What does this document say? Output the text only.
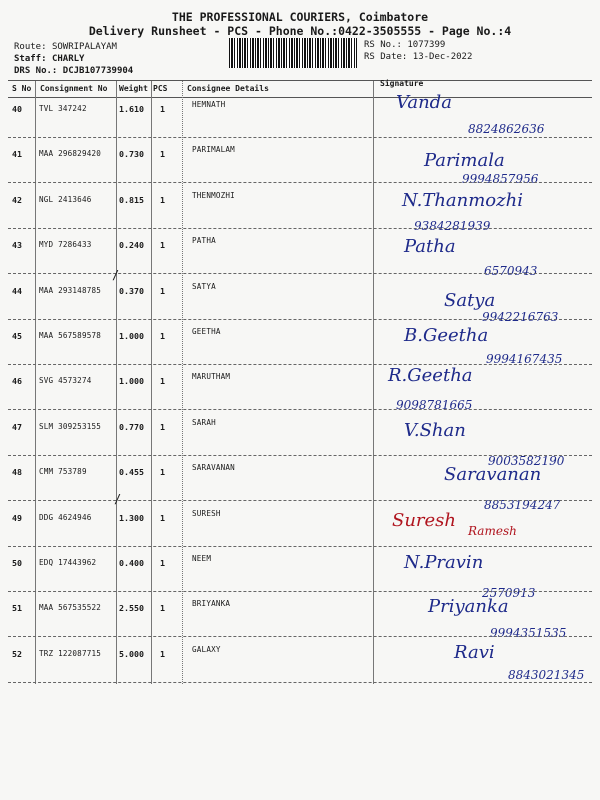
THE PROFESSIONAL COURIERS, Coimbatore
Delivery Runsheet - PCS - Phone No.:0422-3505555 - Page No.:4
Route: SOWRIPALAYAM
Staff: CHARLY
DRS No.: DCJB107739904
RS No.: 1077399
RS Date: 13-Dec-2022
S No Consignment No Weight PCS Consignee Details
Signature
40 TVL 347242	1.610 1	HEMNATH	Vanda
8824862636
41 MAA 296829420 0.730 1	PARIMALAM
Parimala
9994857956
42 NGL 2413646	0.815 1	THENMOZHI	N.Thanmozhi
9384281939
43 MYD 7286433	0.240 1	PATHA	Patha
6570943
44 MAA 293148785 0.370 1	SATYA
Satya
9942216763
45 MAA 567589578 1.000 1	GEETHA	B.Geetha
9994167435
46 SVG 4573274	1.000 1	MARUTHAM	R.Geetha
9098781665
47 SLM 309253155 0.770 1	SARAH	V.Shan
9003582190
48 CMM 753789	0.455 1	SARAVANAN	Saravanan
8853194247
49 DDG 4624946	1.300 1	SURESH	Suresh Ramesh
50 EDQ 17443962	0.400 1	NEEM	N.Pravin
2570913
51 MAA 567535522 2.550 1	BRIYANKA	Priyanka
9994351535
52 TRZ 122087715 5.000 1	GALAXY	Ravi
8843021345
/
/
